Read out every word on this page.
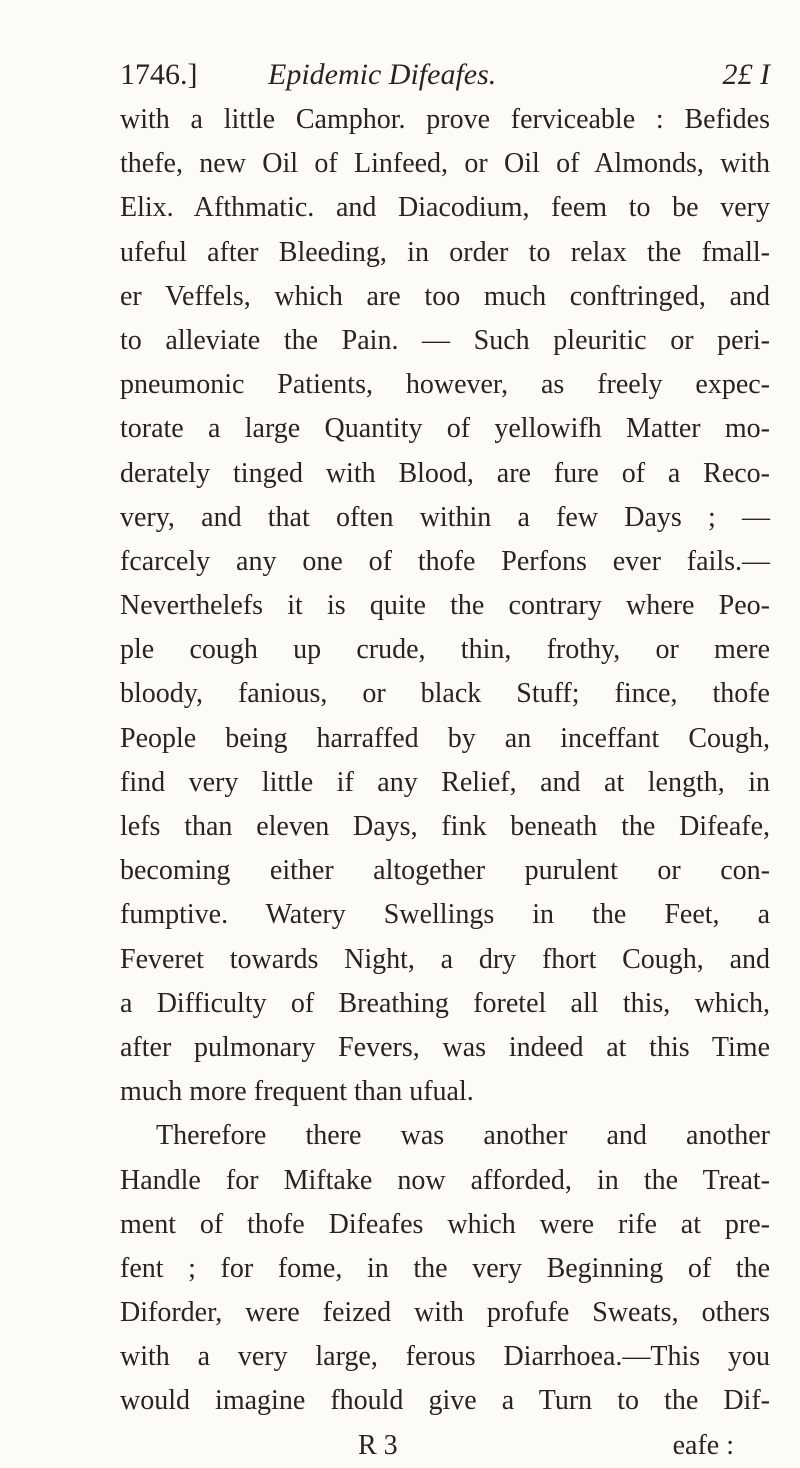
1746.] Epidemic Difeafes.	2£ I
with a little Camphor. prove ferviceable : Befides
thefe, new Oil of Linfeed, or Oil of Almonds, with
Elix. Afthmatic. and Diacodium, feem to be very
ufeful after Bleeding, in order to relax the fmall-
er Veffels, which are too much conftringed, and
to alleviate the Pain. — Such pleuritic or peri-
pneumonic Patients, however, as freely expec-
torate a large Quantity of yellowifh Matter mo-
derately tinged with Blood, are fure of a Reco-
very, and that often within a few Days ; —
fcarcely any one of thofe Perfons ever fails.—
Neverthelefs it is quite the contrary where Peo-
ple cough up crude, thin, frothy, or mere
bloody, fanious, or black Stuff; fince, thofe
People being harraffed by an inceffant Cough,
find very little if any Relief, and at length, in
lefs than eleven Days, fink beneath the Difeafe,
becoming either altogether purulent or con-
fumptive. Watery Swellings in the Feet, a
Feveret towards Night, a dry fhort Cough, and
a Difficulty of Breathing foretel all this, which,
after pulmonary Fevers, was indeed at this Time
much more frequent than ufual.
Therefore there was another and another
Handle for Miftake now afforded, in the Treat-
ment of thofe Difeafes which were rife at pre-
fent ; for fome, in the very Beginning of the
Diforder, were feized with profufe Sweats, others
with a very large, ferous Diarrhoea.—This you
would imagine fhould give a Turn to the Dif-
R 3	eafe :
